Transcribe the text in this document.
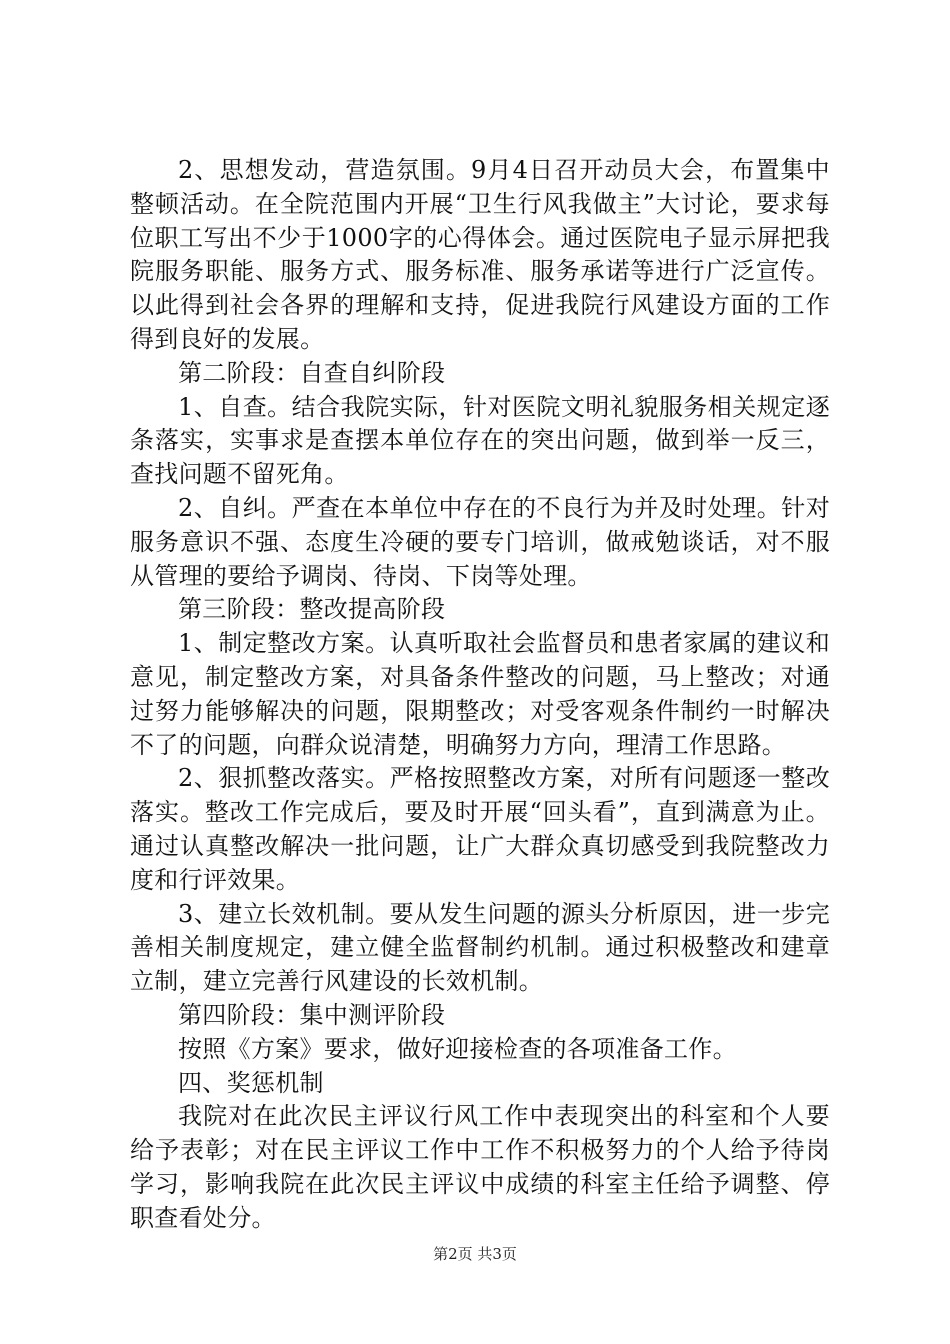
2、思想发动，营造氛围。9月4日召开动员大会，布置集中整顿活动。在全院范围内开展“卫生行风我做主”大讨论，要求每位职工写出不少于1000字的心得体会。通过医院电子显示屏把我院服务职能、服务方式、服务标准、服务承诺等进行广泛宣传。以此得到社会各界的理解和支持，促进我院行风建设方面的工作得到良好的发展。

第二阶段：自查自纠阶段

1、自查。结合我院实际，针对医院文明礼貌服务相关规定逐条落实，实事求是查摆本单位存在的突出问题，做到举一反三，查找问题不留死角。

2、自纠。严查在本单位中存在的不良行为并及时处理。针对服务意识不强、态度生冷硬的要专门培训，做戒勉谈话，对不服从管理的要给予调岗、待岗、下岗等处理。

第三阶段：整改提高阶段

1、制定整改方案。认真听取社会监督员和患者家属的建议和意见，制定整改方案，对具备条件整改的问题，马上整改；对通过努力能够解决的问题，限期整改；对受客观条件制约一时解决不了的问题，向群众说清楚，明确努力方向，理清工作思路。

2、狠抓整改落实。严格按照整改方案，对所有问题逐一整改落实。整改工作完成后，要及时开展“回头看”，直到满意为止。通过认真整改解决一批问题，让广大群众真切感受到我院整改力度和行评效果。

3、建立长效机制。要从发生问题的源头分析原因，进一步完善相关制度规定，建立健全监督制约机制。通过积极整改和建章立制，建立完善行风建设的长效机制。

第四阶段：集中测评阶段

按照《方案》要求，做好迎接检查的各项准备工作。

四、奖惩机制

我院对在此次民主评议行风工作中表现突出的科室和个人要给予表彰；对在民主评议工作中工作不积极努力的个人给予待岗学习，影响我院在此次民主评议中成绩的科室主任给予调整、停职查看处分。

第2页 共3页
